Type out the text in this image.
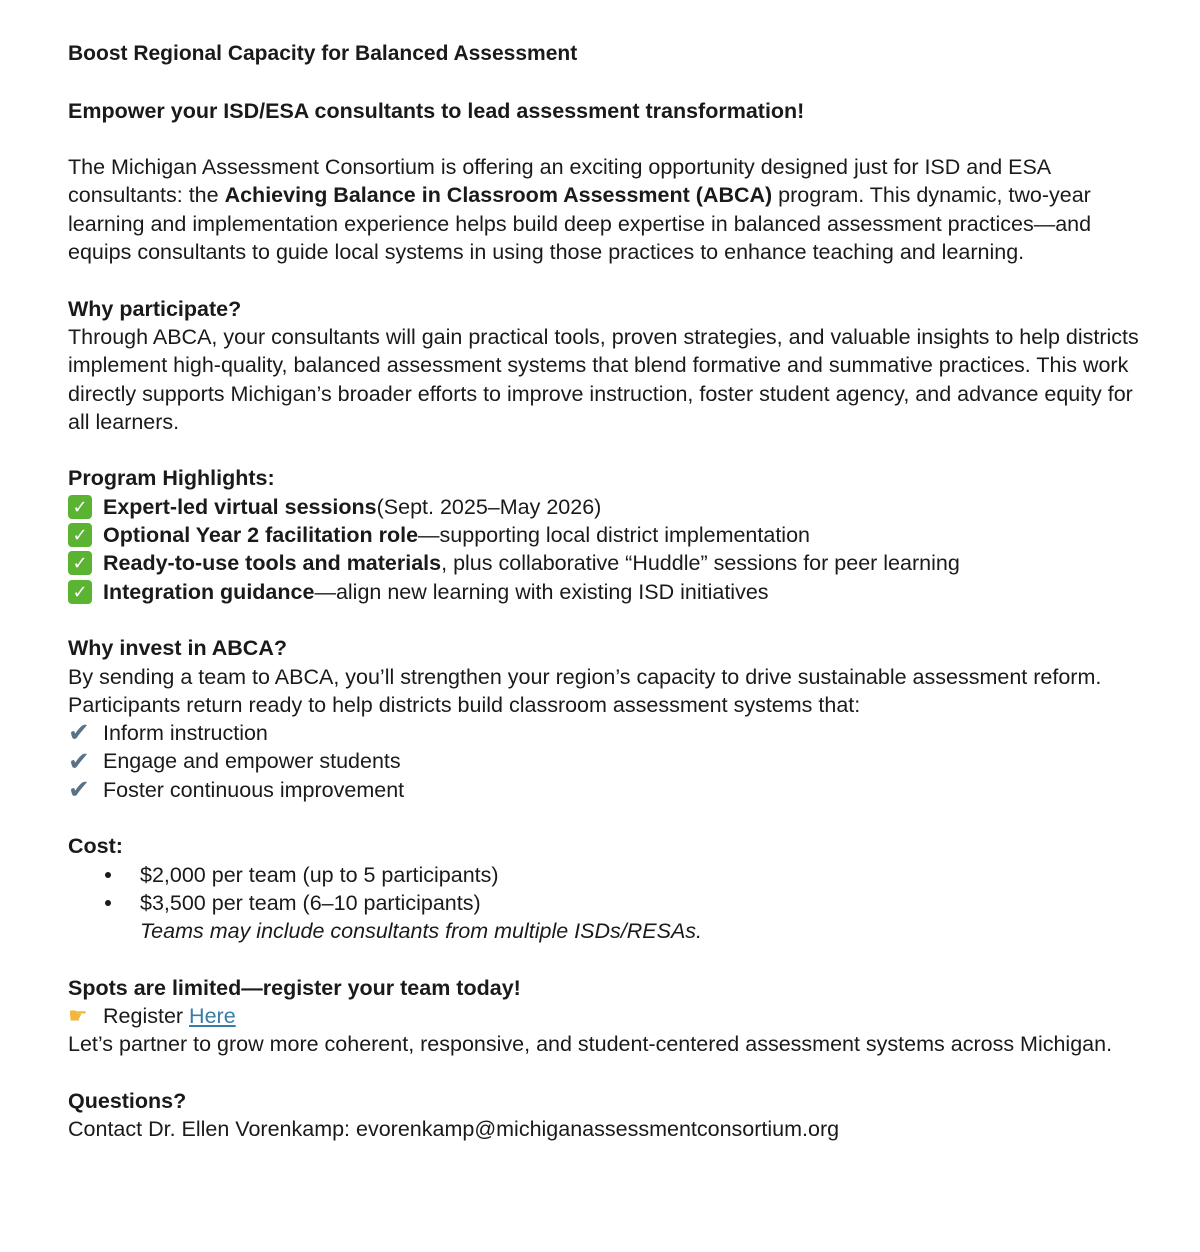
Boost Regional Capacity for Balanced Assessment

Empower your ISD/ESA consultants to lead assessment transformation!

The Michigan Assessment Consortium is offering an exciting opportunity designed just for ISD and ESA consultants: the Achieving Balance in Classroom Assessment (ABCA) program. This dynamic, two-year learning and implementation experience helps build deep expertise in balanced assessment practices—and equips consultants to guide local systems in using those practices to enhance teaching and learning.

Why participate?

Through ABCA, your consultants will gain practical tools, proven strategies, and valuable insights to help districts implement high-quality, balanced assessment systems that blend formative and summative practices. This work directly supports Michigan’s broader efforts to improve instruction, foster student agency, and advance equity for all learners.

Program Highlights:

✓ Expert-led virtual sessions (Sept. 2025–May 2026)
✓ Optional Year 2 facilitation role —supporting local district implementation
✓ Ready-to-use tools and materials , plus collaborative “Huddle” sessions for peer learning
✓ Integration guidance —align new learning with existing ISD initiatives

Why invest in ABCA?

By sending a team to ABCA, you’ll strengthen your region’s capacity to drive sustainable assessment reform. Participants return ready to help districts build classroom assessment systems that:

✔ Inform instruction
✔ Engage and empower students
✔ Foster continuous improvement

Cost:

$2,000 per team (up to 5 participants)
$3,500 per team (6–10 participants)

Teams may include consultants from multiple ISDs/RESAs.

Spots are limited—register your team today!

☛ Register
Here

Let’s partner to grow more coherent, responsive, and student-centered assessment systems across Michigan.

Questions?

Contact Dr. Ellen Vorenkamp: evorenkamp@michiganassessmentconsortium.org
